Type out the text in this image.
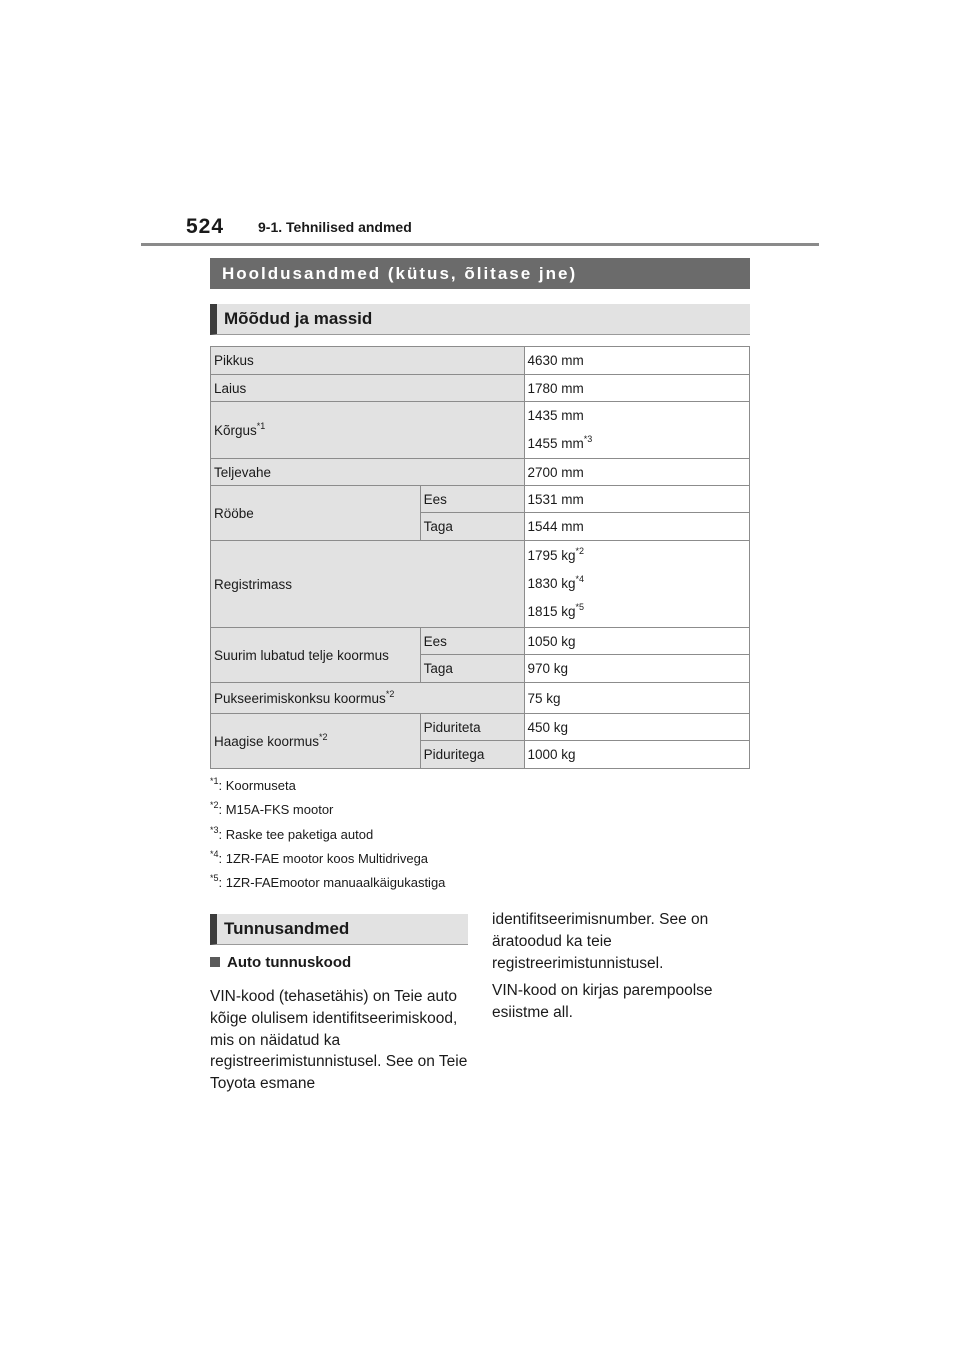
524 9-1. Tehnilised andmed
Hooldusandmed (kütus, õlitase jne)
Mõõdud ja massid
Pikkus		4630 mm
Laius		1780 mm
Kõrgus$^{*1}$		1435 mm
1455 $mm^{*3}$

Teljevahe		2700 mm
Rööbe	Ees	1531 mm
	Taga	1544 mm
Registrimass		1795 $kg^{*2}$
1830 $kg^{*4}$
1815 $kg^{*5}$

Suurim lubatud telje koormus	Ees	1050 kg
	Taga	970 kg
Pukseerimiskonksu koormus$^{*2}$		75 kg
Haagise koormus$^{*2}$	Piduriteta	450 kg
	Piduritega	1000 kg
$^{*1}$: Koormuseta
$^{*2}$: M15A-FKS mootor
$^{*3}$: Raske tee paketiga autod
$^{*4}$: 1ZR-FAE mootor koos Multidrivega
$^{*5}$: 1ZR-FAEmootor manuaalkäigukastiga
Tunnusandmed
Auto tunnuskood

VIN-kood (tehasetähis) on Teie auto kõige olulisem identifitseerimiskood, mis on näidatud ka registreerimistunnistusel. See on Teie Toyota esmane

identifitseerimisnumber. See on äratoodud ka teie registreerimistunnistusel.

VIN-kood on kirjas parempoolse esiistme all.
